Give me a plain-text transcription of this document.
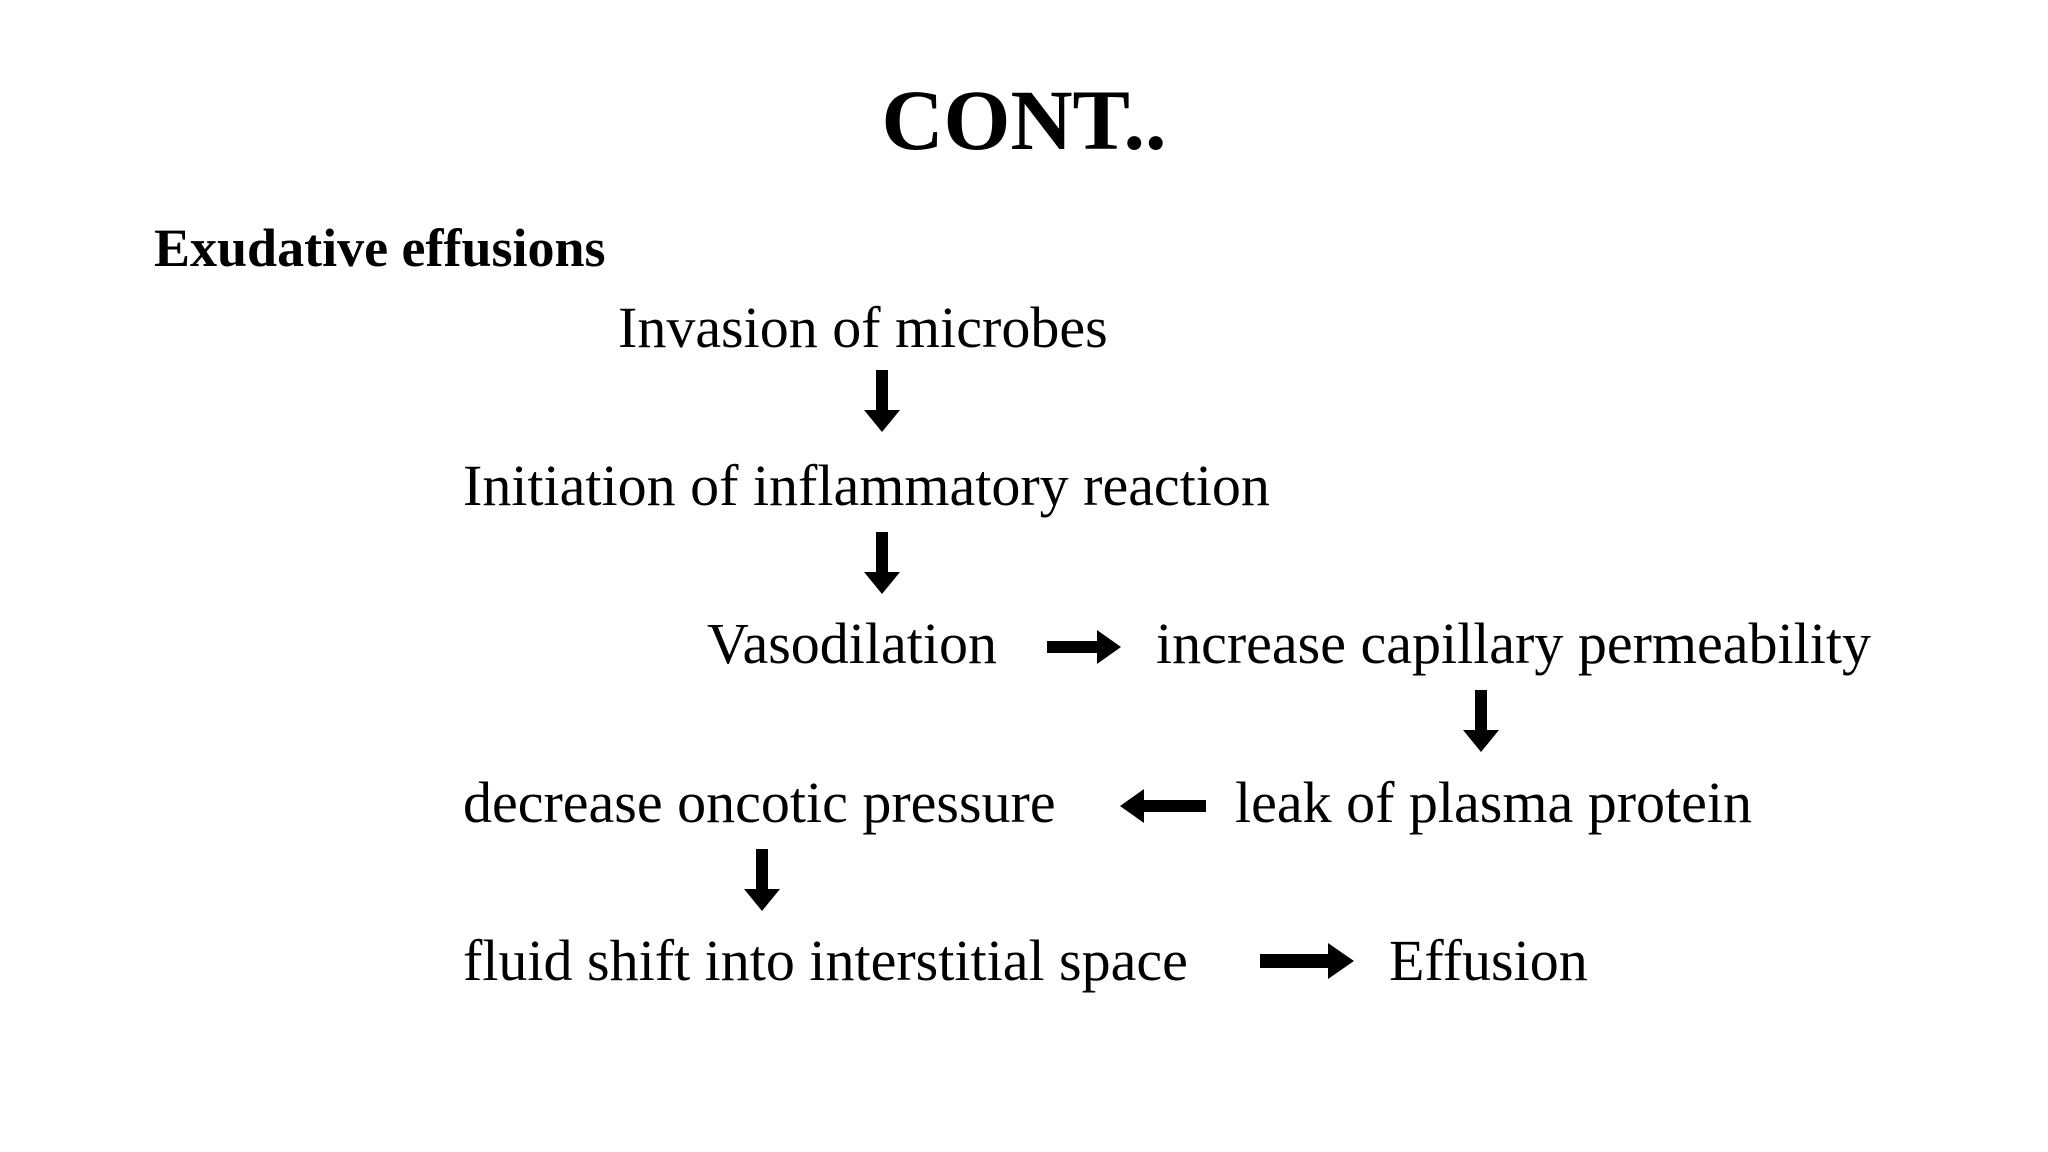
CONT..
Exudative effusions
Invasion of microbes
Initiation of inflammatory reaction
Vasodilation	increase capillary permeability
decrease oncotic pressure	leak of plasma protein
fluid shift into interstitial space	Effusion
